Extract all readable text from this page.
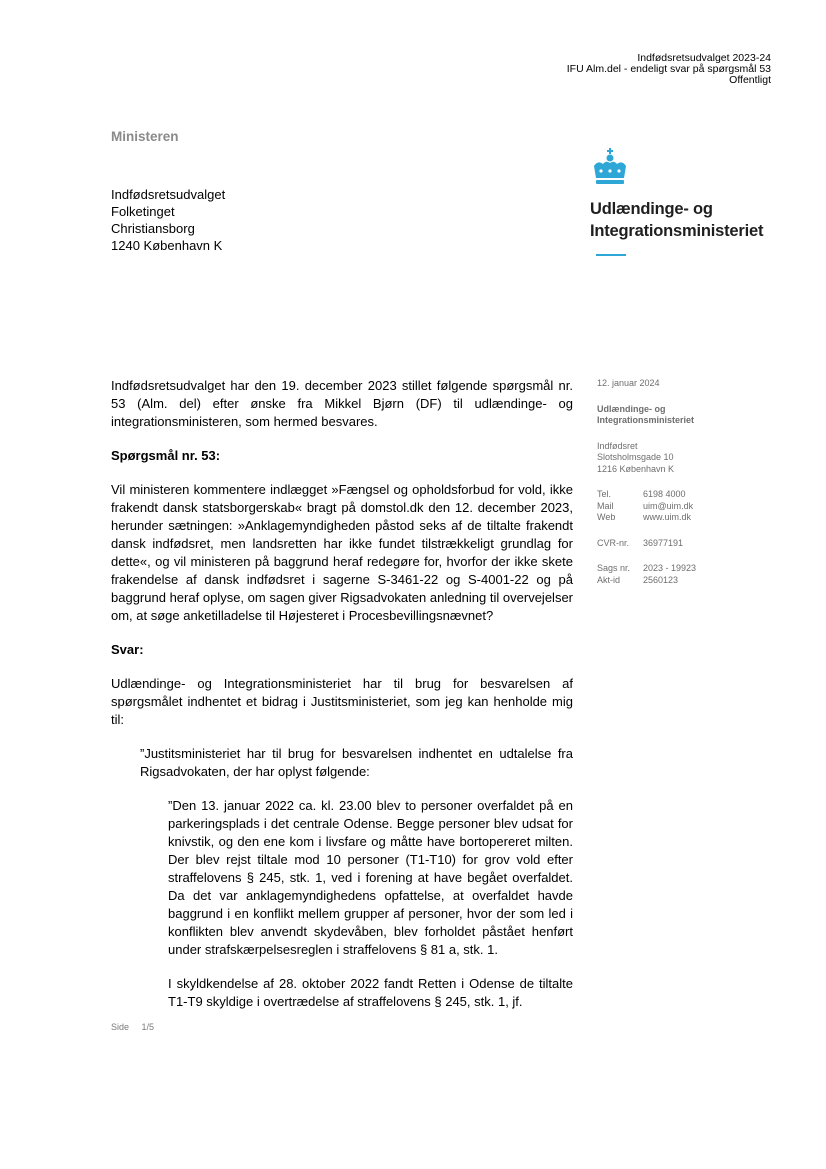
Indfødsretsudvalget 2023-24
IFU Alm.del - endeligt svar på spørgsmål 53
Offentligt
Ministeren
Indfødsretsudvalget
Folketinget
Christiansborg
1240 København K
Udlændinge- og
Integrationsministeriet
12. januar 2024
Udlændinge- og
Integrationsministeriet
Indfødsret
Slotsholmsgade 10
1216 København K
Tel.	6198 4000
Mail	uim@uim.dk
Web	www.uim.dk
CVR-nr.	36977191
Sags nr.	2023 - 19923
Akt-id	2560123

Indfødsretsudvalget har den 19. december 2023 stillet følgende spørgsmål nr. 53 (Alm. del) efter ønske fra Mikkel Bjørn (DF) til udlændinge- og integrationsministeren, som hermed besvares.

Spørgsmål nr. 53:

Vil ministeren kommentere indlægget »Fængsel og opholdsforbud for vold, ikke frakendt dansk statsborgerskab« bragt på domstol.dk den 12. december 2023, herunder sætningen: »Anklagemyndigheden påstod seks af de tiltalte frakendt dansk indfødsret, men landsretten har ikke fundet tilstrækkeligt grundlag for dette«, og vil ministeren på baggrund heraf redegøre for, hvorfor der ikke skete frakendelse af dansk indfødsret i sagerne S-3461-22 og S-4001-22 og på baggrund heraf oplyse, om sagen giver Rigsadvokaten anledning til overvejelser om, at søge anketilladelse til Højesteret i Procesbevillingsnævnet?

Svar:

Udlændinge- og Integrationsministeriet har til brug for besvarelsen af spørgsmålet indhentet et bidrag i Justitsministeriet, som jeg kan henholde mig til:

”Justitsministeriet har til brug for besvarelsen indhentet en udtalelse fra Rigsadvokaten, der har oplyst følgende:

”Den 13. januar 2022 ca. kl. 23.00 blev to personer overfaldet på en parkeringsplads i det centrale Odense. Begge personer blev udsat for knivstik, og den ene kom i livsfare og måtte have bortopereret milten. Der blev rejst tiltale mod 10 personer (T1-T10) for grov vold efter straffelovens § 245, stk. 1, ved i forening at have begået overfaldet. Da det var anklagemyndighedens opfattelse, at overfaldet havde baggrund i en konflikt mellem grupper af personer, hvor der som led i konflikten blev anvendt skydevåben, blev forholdet påstået henført under strafskærpelsesreglen i straffelovens § 81 a, stk. 1.

I skyldkendelse af 28. oktober 2022 fandt Retten i Odense de tiltalte T1-T9 skyldige i overtrædelse af straffelovens § 245, stk. 1, jf.

Side 1/5
